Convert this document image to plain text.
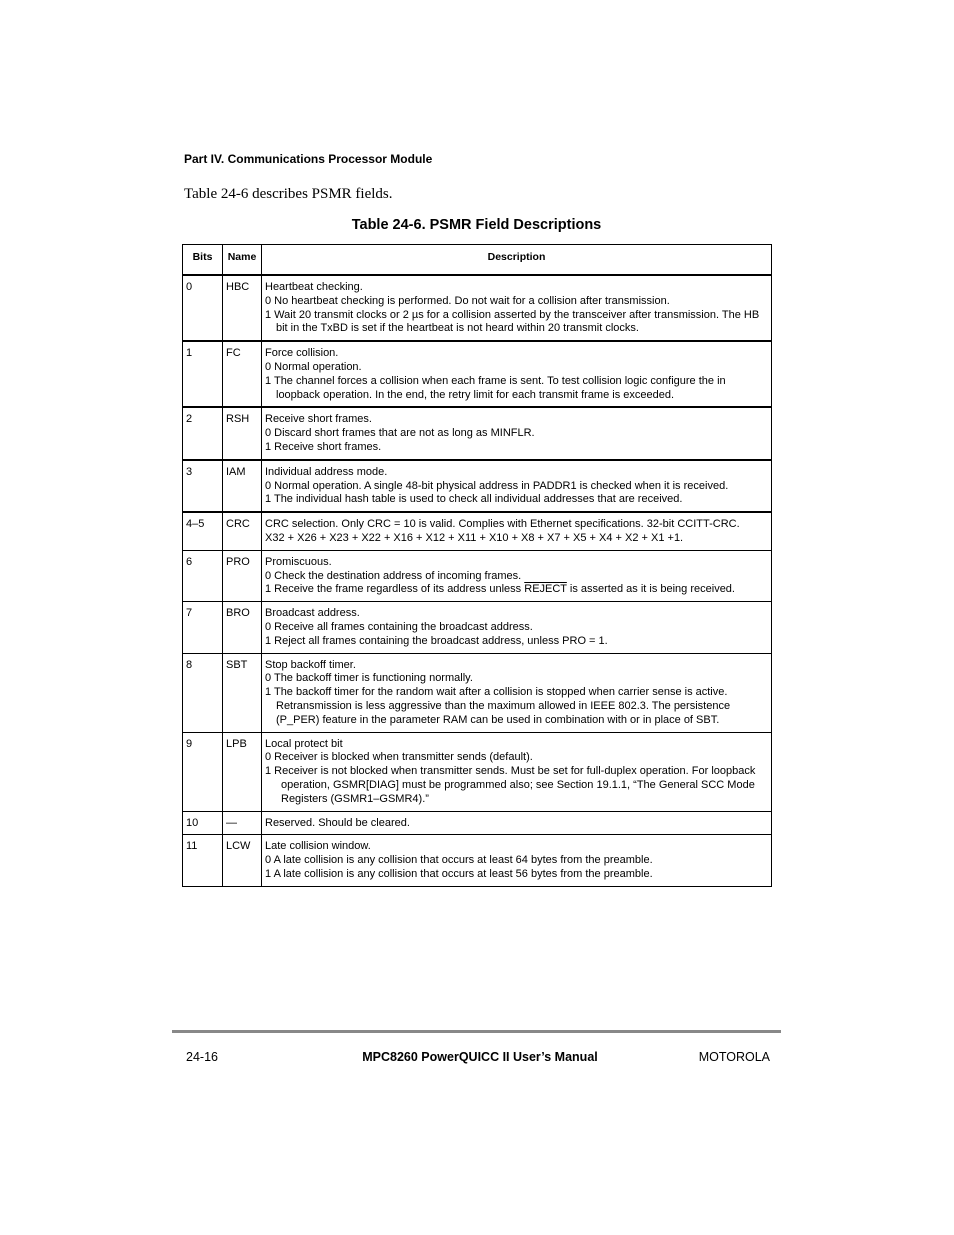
Part IV. Communications Processor Module
Table 24-6 describes PSMR fields.
Table 24-6. PSMR Field Descriptions
Bits	Name	Description
0	HBC	Heartbeat checking.
0 No heartbeat checking is performed. Do not wait for a collision after transmission.
1 Wait 20 transmit clocks or 2 µs for a collision asserted by the transceiver after transmission. The HB bit in the TxBD is set if the heartbeat is not heard within 20 transmit clocks.

1	FC	Force collision.
0 Normal operation.
1 The channel forces a collision when each frame is sent. To test collision logic configure the in loopback operation. In the end, the retry limit for each transmit frame is exceeded.

2	RSH	Receive short frames.
0 Discard short frames that are not as long as MINFLR.
1 Receive short frames.

3	IAM	Individual address mode.
0 Normal operation. A single 48-bit physical address in PADDR1 is checked when it is received.
1 The individual hash table is used to check all individual addresses that are received.

4–5	CRC	CRC selection. Only CRC = 10 is valid. Complies with Ethernet specifications. 32-bit CCITT-CRC.
X32 + X26 + X23 + X22 + X16 + X12 + X11 + X10 + X8 + X7 + X5 + X4 + X2 + X1 +1.

6	PRO	Promiscuous.
0 Check the destination address of incoming frames.
1 Receive the frame regardless of its address unless REJECT is asserted as it is being received.

7	BRO	Broadcast address.
0 Receive all frames containing the broadcast address.
1 Reject all frames containing the broadcast address, unless PRO = 1.

8	SBT	Stop backoff timer.
0 The backoff timer is functioning normally.
1 The backoff timer for the random wait after a collision is stopped when carrier sense is active. Retransmission is less aggressive than the maximum allowed in IEEE 802.3. The persistence (P_PER) feature in the parameter RAM can be used in combination with or in place of SBT.

9	LPB	Local protect bit
0 Receiver is blocked when transmitter sends (default).
1 Receiver is not blocked when transmitter sends. Must be set for full-duplex operation. For loopback operation, GSMR[DIAG] must be programmed also; see Section 19.1.1, “The General SCC Mode Registers (GSMR1–GSMR4).”

10	—	Reserved. Should be cleared.

11	LCW	Late collision window.
0 A late collision is any collision that occurs at least 64 bytes from the preamble.
1 A late collision is any collision that occurs at least 56 bytes from the preamble.
24-16	MPC8260 PowerQUICC II User’s Manual	MOTOROLA
